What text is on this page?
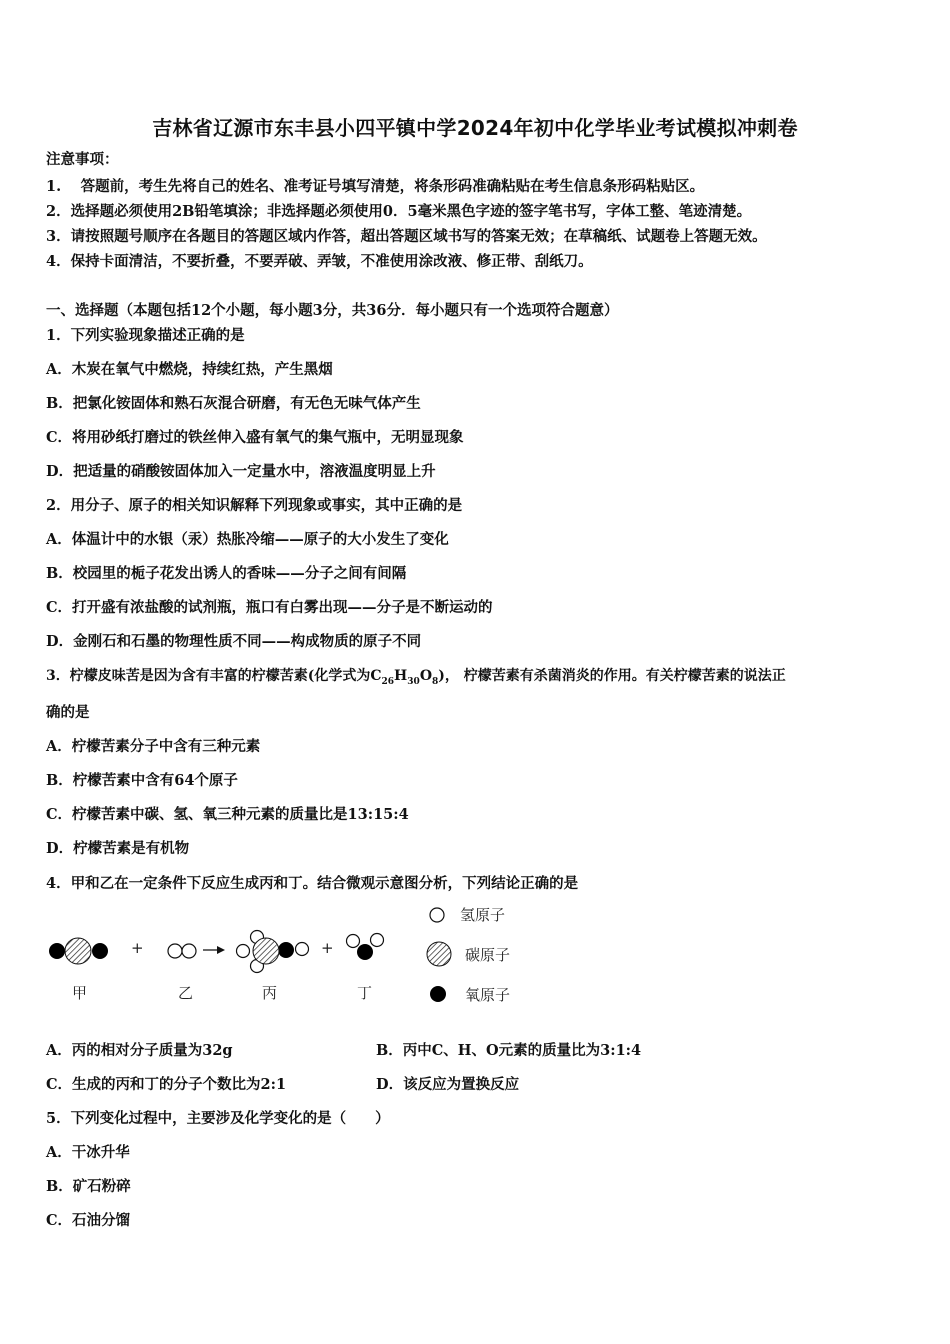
吉林省辽源市东丰县小四平镇中学2024年初中化学毕业考试模拟冲刺卷
注意事项：
1.　 答题前，考生先将自己的姓名、准考证号填写清楚，将条形码准确粘贴在考生信息条形码粘贴区。
2．选择题必须使用2B铅笔填涂；非选择题必须使用0．5毫米黑色字迹的签字笔书写，字体工整、笔迹清楚。
3．请按照题号顺序在各题目的答题区域内作答，超出答题区域书写的答案无效；在草稿纸、试题卷上答题无效。
4．保持卡面清洁，不要折叠，不要弄破、弄皱，不准使用涂改液、修正带、刮纸刀。
一、选择题（本题包括12个小题，每小题3分，共36分．每小题只有一个选项符合题意）
1．下列实验现象描述正确的是
A．木炭在氧气中燃烧，持续红热，产生黑烟
B．把氯化铵固体和熟石灰混合研磨，有无色无味气体产生
C．将用砂纸打磨过的铁丝伸入盛有氧气的集气瓶中，无明显现象
D．把适量的硝酸铵固体加入一定量水中，溶液温度明显上升
2．用分子、原子的相关知识解释下列现象或事实，其中正确的是
A．体温计中的水银（汞）热胀冷缩——原子的大小发生了变化
B．校园里的栀子花发出诱人的香味——分子之间有间隔
C．打开盛有浓盐酸的试剂瓶，瓶口有白雾出现——分子是不断运动的
D．金刚石和石墨的物理性质不同——构成物质的原子不同
3．柠檬皮味苦是因为含有丰富的柠檬苦素(化学式为$C_{26}H_{30}O_8$)， 柠檬苦素有杀菌消炎的作用。有关柠檬苦素的说法正
确的是
A．柠檬苦素分子中含有三种元素
B．柠檬苦素中含有64个原子
C．柠檬苦素中碳、氢、氧三种元素的质量比是13:15:4
D．柠檬苦素是有机物
4．甲和乙在一定条件下反应生成丙和丁。结合微观示意图分析，下列结论正确的是
+	+
甲	乙	丙	丁
氢原子
碳原子
氧原子
A．丙的相对分子质量为32g	B．丙中C、H、O元素的质量比为3:1:4
C．生成的丙和丁的分子个数比为2:1	D．该反应为置换反应
5．下列变化过程中，主要涉及化学变化的是（　　）
A．干冰升华
B．矿石粉碎
C．石油分馏
